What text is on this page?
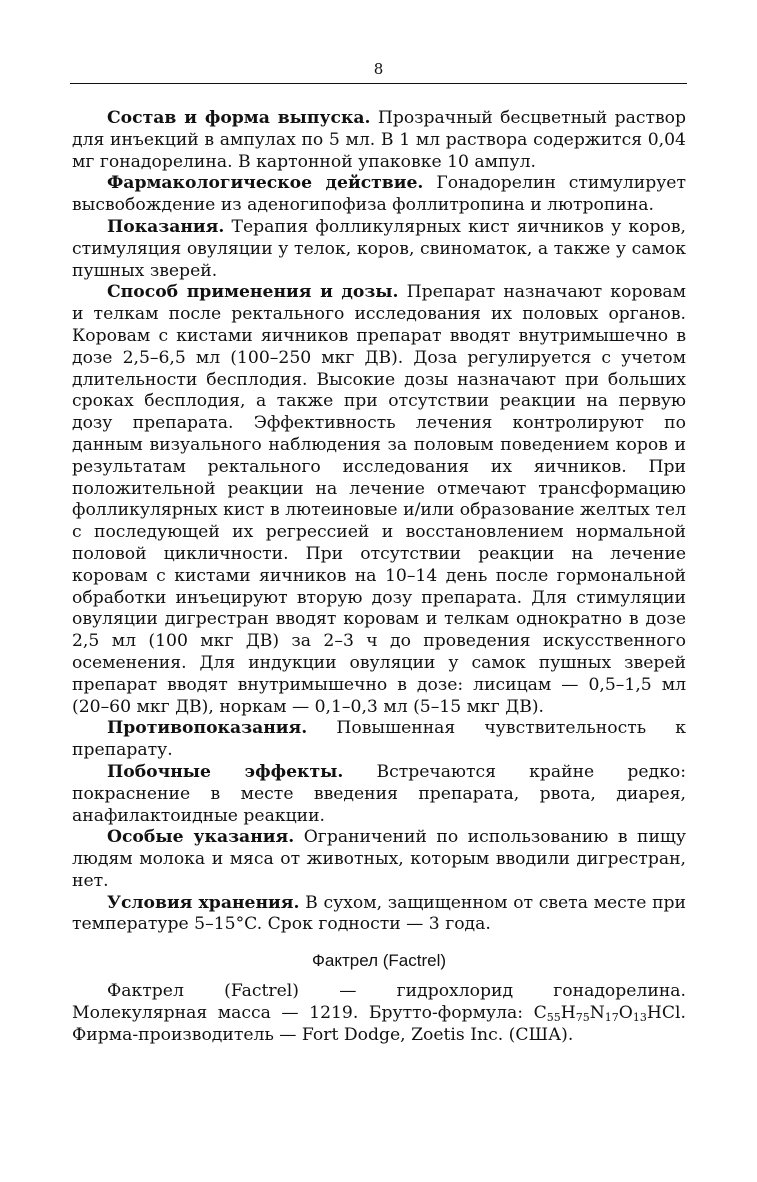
8

Состав и форма выпуска. Прозрачный бесцветный раствор для инъекций в ампулах по 5 мл. В 1 мл раствора содержится 0,04 мг гонадорелина. В картонной упаковке 10 ампул.

Фармакологическое действие. Гонадорелин стимулирует высвобождение из аденогипофиза фоллитропина и лютропина.

Показания. Терапия фолликулярных кист яичников у коров, стимуляция овуляции у телок, коров, свиноматок, а также у самок пушных зверей.

Способ применения и дозы. Препарат назначают коровам и телкам после ректального исследования их половых органов. Коровам с кистами яичников препарат вводят внутримышечно в дозе 2,5–6,5 мл (100–250 мкг ДВ). Доза регулируется с учетом длительности бесплодия. Высокие дозы назначают при больших сроках бесплодия, а также при отсутствии реакции на первую дозу препарата. Эффективность лечения контролируют по данным визуального наблюдения за половым поведением коров и результатам ректального исследования их яичников. При положительной реакции на лечение отмечают трансформацию фолликулярных кист в лютеиновые и/или образование желтых тел с последующей их регрессией и восстановлением нормальной половой цикличности. При отсутствии реакции на лечение коровам с кистами яичников на 10–14 день после гормональной обработки инъецируют вторую дозу препарата. Для стимуляции овуляции дигрестран вводят коровам и телкам однократно в дозе 2,5 мл (100 мкг ДВ) за 2–3 ч до проведения искусственного осеменения. Для индукции овуляции у самок пушных зверей препарат вводят внутримышечно в дозе: лисицам — 0,5–1,5 мл (20–60 мкг ДВ), норкам — 0,1–0,3 мл (5–15 мкг ДВ).

Противопоказания. Повышенная чувствительность к препарату.

Побочные эффекты. Встречаются крайне редко: покраснение в месте введения препарата, рвота, диарея, анафилактоидные реакции.

Особые указания. Ограничений по использованию в пищу людям молока и мяса от животных, которым вводили дигрестран, нет.

Условия хранения. В сухом, защищенном от света месте при температуре 5–15°C. Срок годности — 3 года.

Фактрел (Factrel)

Фактрел (Factrel) — гидрохлорид гонадорелина. Молекулярная масса — 1219. Брутто-формула: $C_{55}H_{75}N_{17}O_{13}HCl$. Фирма-производитель — Fort Dodge, Zoetis Inc. (США).
